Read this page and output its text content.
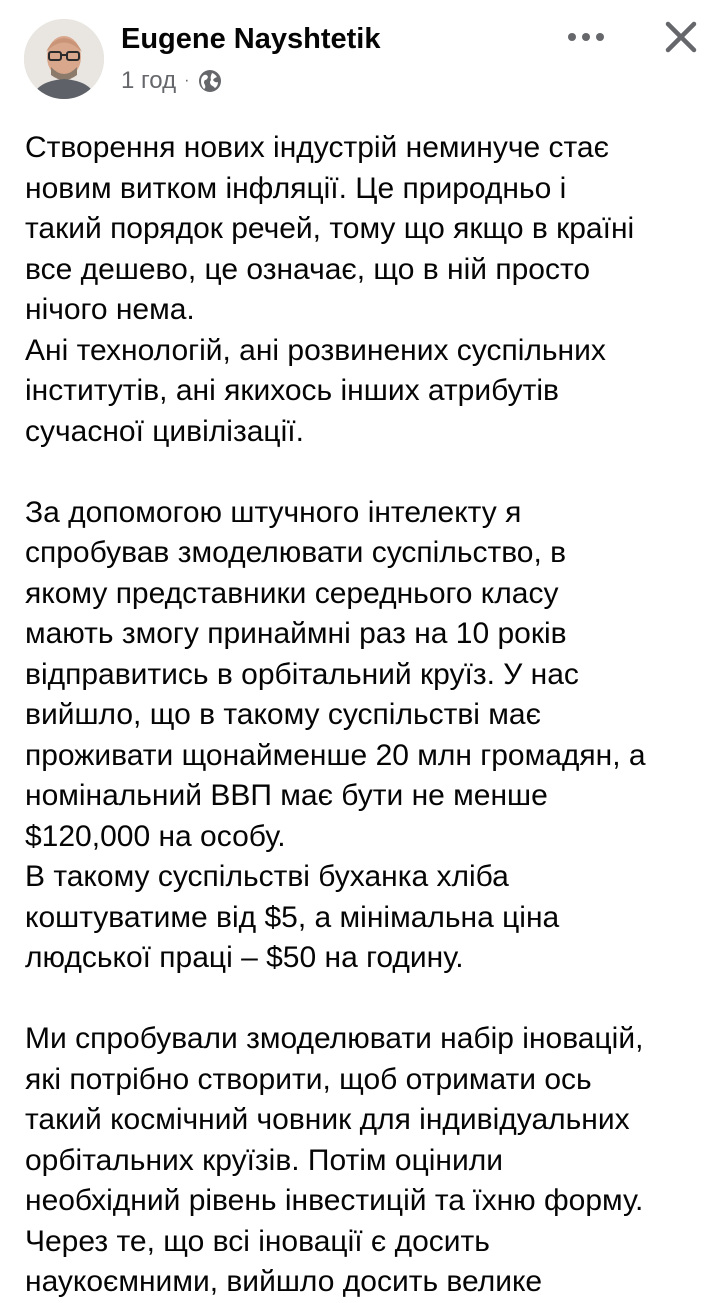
Eugene Nayshtetik
1 год ·

Створення нових індустрій неминуче стає

новим витком інфляції. Це природньо і

такий порядок речей, тому що якщо в країні

все дешево, це означає, що в ній просто

нічого нема.

Ані технологій, ані розвинених суспільних

інститутів, ані якихось інших атрибутів

сучасної цивілізації.

За допомогою штучного інтелекту я

спробував змоделювати суспільство, в

якому представники середнього класу

мають змогу принаймні раз на 10 років

відправитись в орбітальний круїз. У нас

вийшло, що в такому суспільстві має

проживати щонайменше 20 млн громадян, а

номінальний ВВП має бути не менше

$120,000 на особу.

В такому суспільстві буханка хліба

коштуватиме від $5, а мінімальна ціна

людської праці – $50 на годину.

Ми спробували змоделювати набір іновацій,

які потрібно створити, щоб отримати ось

такий космічний човник для індивідуальних

орбітальних круїзів. Потім оцінили

необхідний рівень інвестицій та їхню форму.

Через те, що всі іновації є досить

наукоємними, вийшло досить велике
